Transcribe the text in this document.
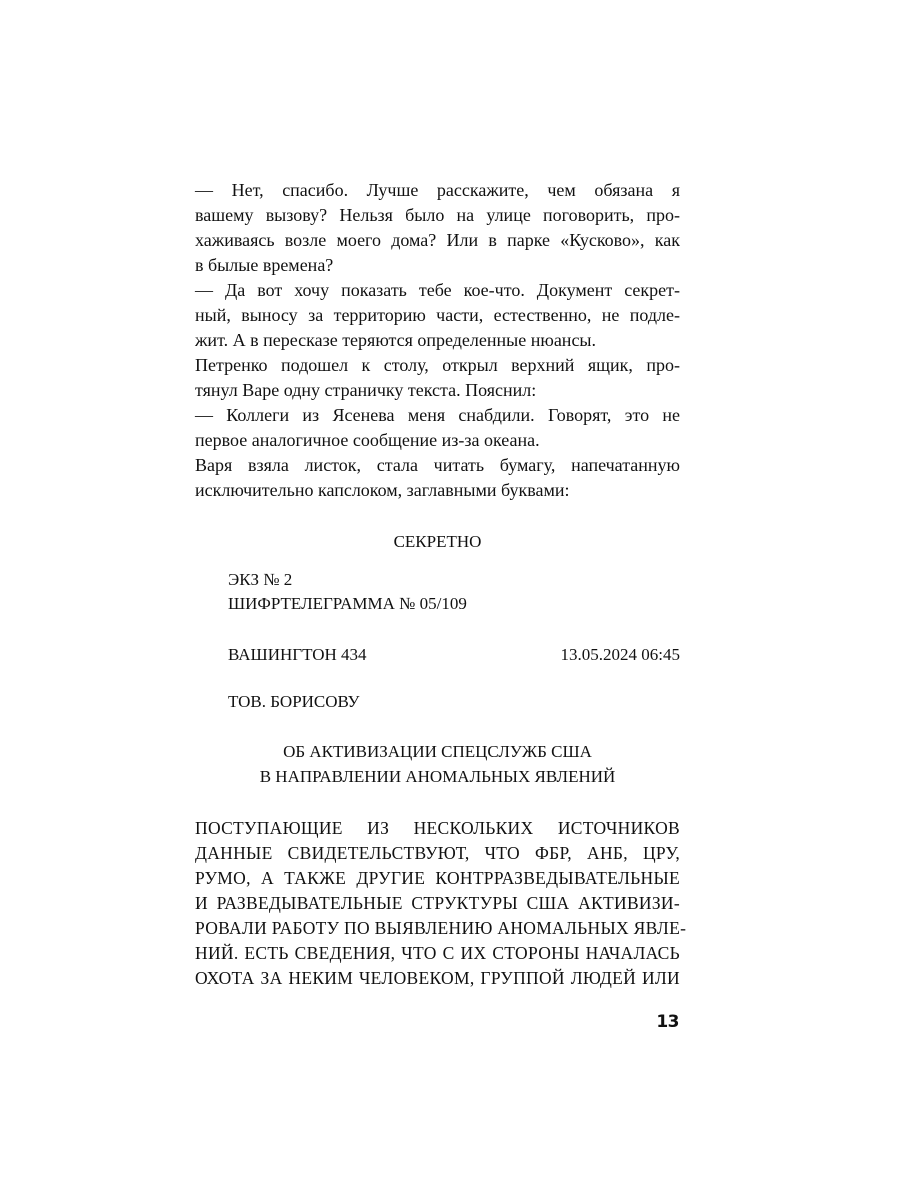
— Нет, спасибо. Лучше расскажите, чем обязана я
вашему вызову? Нельзя было на улице поговорить, про-
хаживаясь возле моего дома? Или в парке «Кусково», как
в былые времена?
— Да вот хочу показать тебе кое-что. Документ секрет-
ный, выносу за территорию части, естественно, не подле-
жит. А в пересказе теряются определенные нюансы.
Петренко подошел к столу, открыл верхний ящик, про-
тянул Варе одну страничку текста. Пояснил:
— Коллеги из Ясенева меня снабдили. Говорят, это не
первое аналогичное сообщение из-за океана.
Варя взяла листок, стала читать бумагу, напечатанную
исключительно капслоком, заглавными буквами:
СЕКРЕТНО
ЭКЗ № 2
ШИФРТЕЛЕГРАММА № 05/109
ВАШИНГТОН 434	13.05.2024 06:45
ТОВ. БОРИСОВУ
ОБ АКТИВИЗАЦИИ СПЕЦСЛУЖБ США
В НАПРАВЛЕНИИ АНОМАЛЬНЫХ ЯВЛЕНИЙ
ПОСТУПАЮЩИЕ ИЗ НЕСКОЛЬКИХ ИСТОЧНИКОВ
ДАННЫЕ СВИДЕТЕЛЬСТВУЮТ, ЧТО ФБР, АНБ, ЦРУ,
РУМО, А ТАКЖЕ ДРУГИЕ КОНТРРАЗВЕДЫВАТЕЛЬНЫЕ
И РАЗВЕДЫВАТЕЛЬНЫЕ СТРУКТУРЫ США АКТИВИЗИ-
РОВАЛИ РАБОТУ ПО ВЫЯВЛЕНИЮ АНОМАЛЬНЫХ ЯВЛЕ-
НИЙ. ЕСТЬ СВЕДЕНИЯ, ЧТО С ИХ СТОРОНЫ НАЧАЛАСЬ
ОХОТА ЗА НЕКИМ ЧЕЛОВЕКОМ, ГРУППОЙ ЛЮДЕЙ ИЛИ
13
